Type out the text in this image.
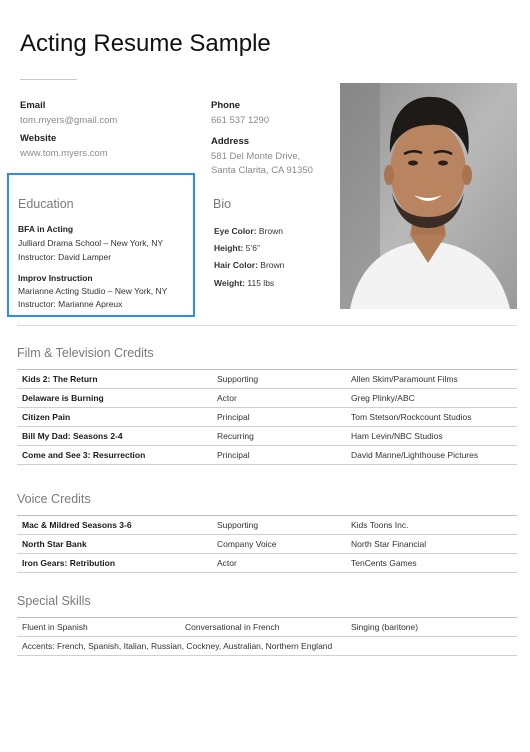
Acting Resume Sample
Email
tom.myers@gmail.com
Website
www.tom.myers.com
Phone
661 537 1290
Address
581 Del Monte Drive,
Santa Clarita, CA 91350
Education
BFA in Acting
Julliard Drama School – New York, NY
Instructor: David Lamper
Improv Instruction
Marianne Acting Studio – New York, NY
Instructor: Marianne Apreux
Bio
Eye Color: Brown
Height: 5’6”
Hair Color: Brown
Weight: 115 lbs
Film & Television Credits
Kids 2: The Return	Supporting	Allen Skim/Paramount Films
Delaware is Burning	Actor	Greg Plinky/ABC
Citizen Pain	Principal	Tom Stetson/Rockcount Studios
Bill My Dad: Seasons 2-4	Recurring	Ham Levin/NBC Studios
Come and See 3: Resurrection	Principal	David Manne/Lighthouse Pictures
Voice Credits
Mac & Mildred Seasons 3-6	Supporting	Kids Toons Inc.
North Star Bank	Company Voice	North Star Financial
Iron Gears: Retribution	Actor	TenCents Games
Special Skills
Fluent in Spanish	Conversational in French	Singing (baritone)
Accents: French, Spanish, Italian, Russian, Cockney, Australian, Northern England
